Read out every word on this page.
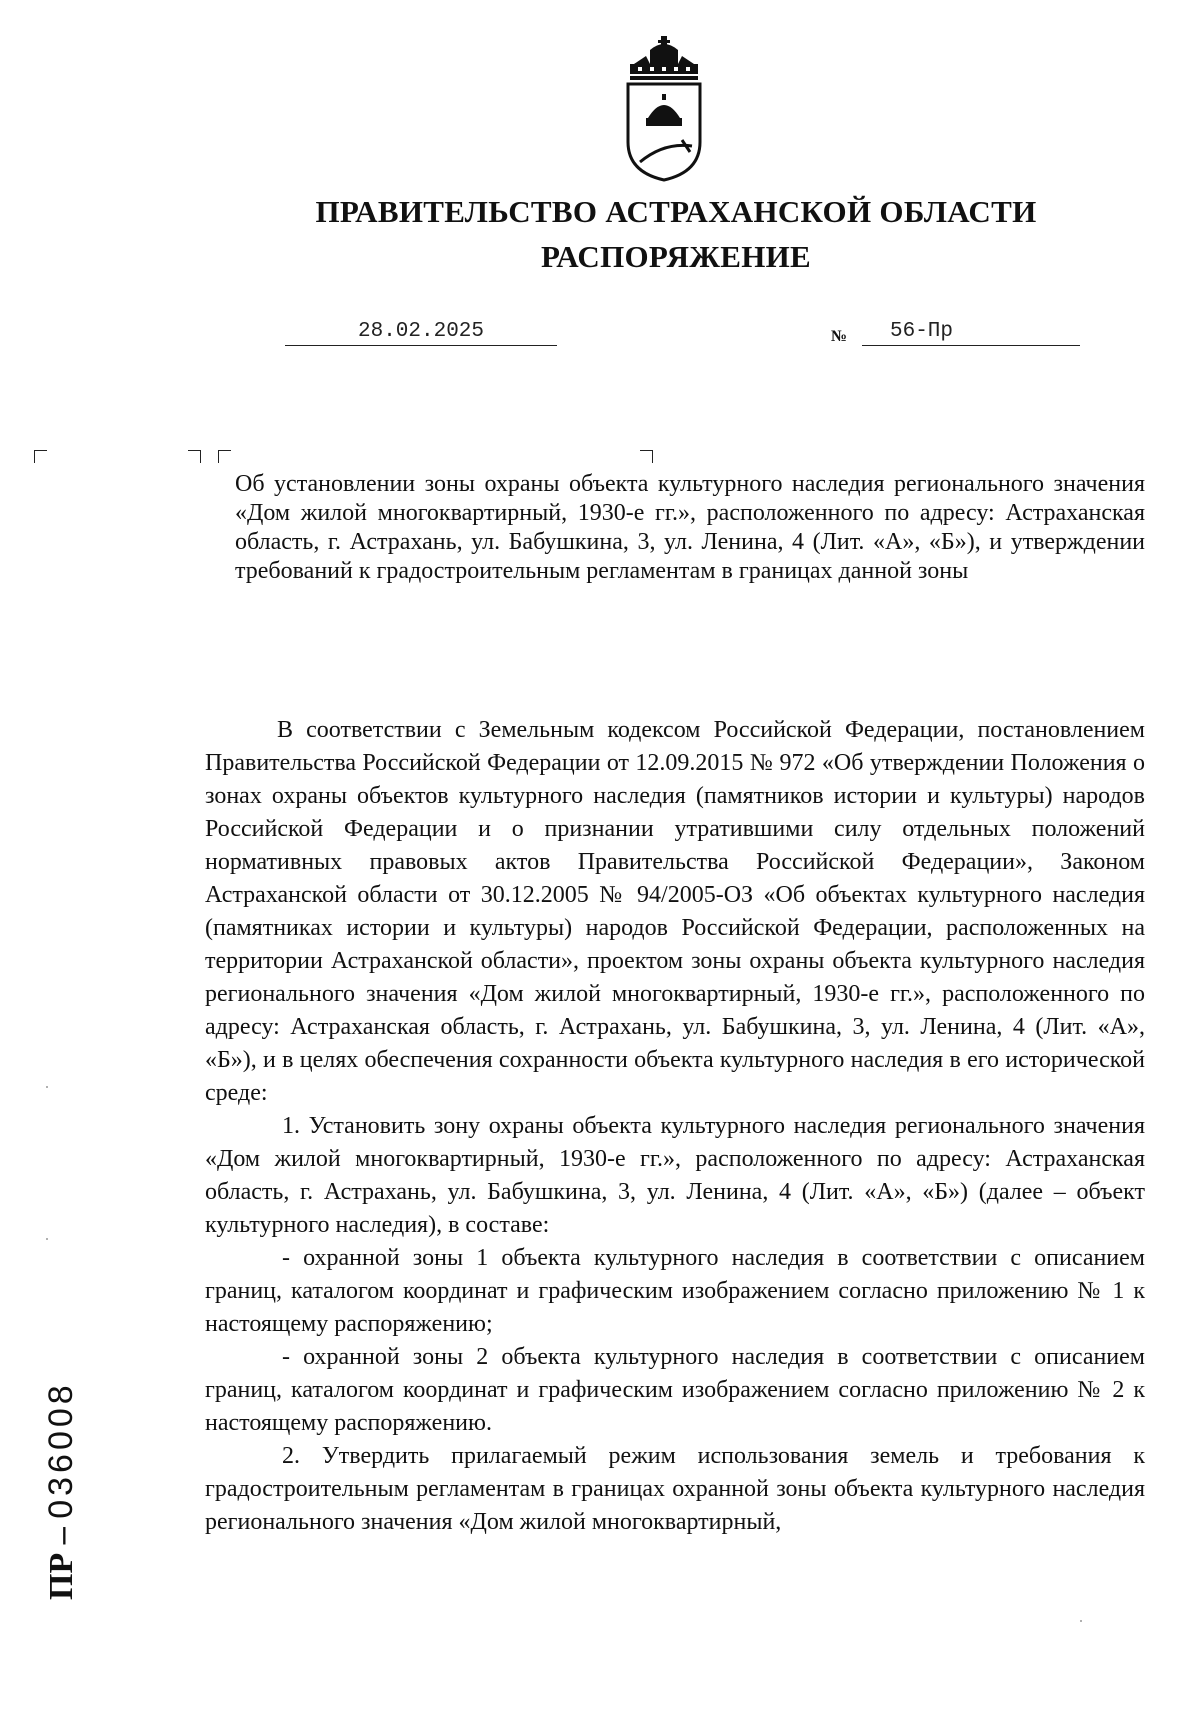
ПРАВИТЕЛЬСТВО АСТРАХАНСКОЙ ОБЛАСТИ
РАСПОРЯЖЕНИЕ
28.02.2025	№	56-Пр
Об установлении зоны охраны объекта культурного наследия регионального значения «Дом жилой многоквартирный, 1930-е гг.», расположенного по адресу: Астраханская область, г. Астрахань, ул. Бабушкина, 3, ул. Ленина, 4 (Лит. «А», «Б»), и утверждении требований к градостроительным регламентам в границах данной зоны

В соответствии с Земельным кодексом Российской Федерации, постановлением Правительства Российской Федерации от 12.09.2015 № 972 «Об утверждении Положения о зонах охраны объектов культурного наследия (памятников истории и культуры) народов Российской Федерации и о признании утратившими силу отдельных положений нормативных правовых актов Правительства Российской Федерации», Законом Астраханской области от 30.12.2005 № 94/2005-ОЗ «Об объектах культурного наследия (памятниках истории и культуры) народов Российской Федерации, расположенных на территории Астраханской области», проектом зоны охраны объекта культурного наследия регионального значения «Дом жилой многоквартирный, 1930-е гг.», расположенного по адресу: Астраханская область, г. Астрахань, ул. Бабушкина, 3, ул. Ленина, 4 (Лит. «А», «Б»), и в целях обеспечения сохранности объекта культурного наследия в его исторической среде:

1. Установить зону охраны объекта культурного наследия регионального значения «Дом жилой многоквартирный, 1930-е гг.», расположенного по адресу: Астраханская область, г. Астрахань, ул. Бабушкина, 3, ул. Ленина, 4 (Лит. «А», «Б») (далее – объект культурного наследия), в составе:

- охранной зоны 1 объекта культурного наследия в соответствии с описанием границ, каталогом координат и графическим изображением согласно приложению № 1 к настоящему распоряжению;

- охранной зоны 2 объекта культурного наследия в соответствии с описанием границ, каталогом координат и графическим изображением согласно приложению № 2 к настоящему распоряжению.

2. Утвердить прилагаемый режим использования земель и требования к градостроительным регламентам в границах охранной зоны объекта культурного наследия регионального значения «Дом жилой многоквартирный,

ПР – 036008
